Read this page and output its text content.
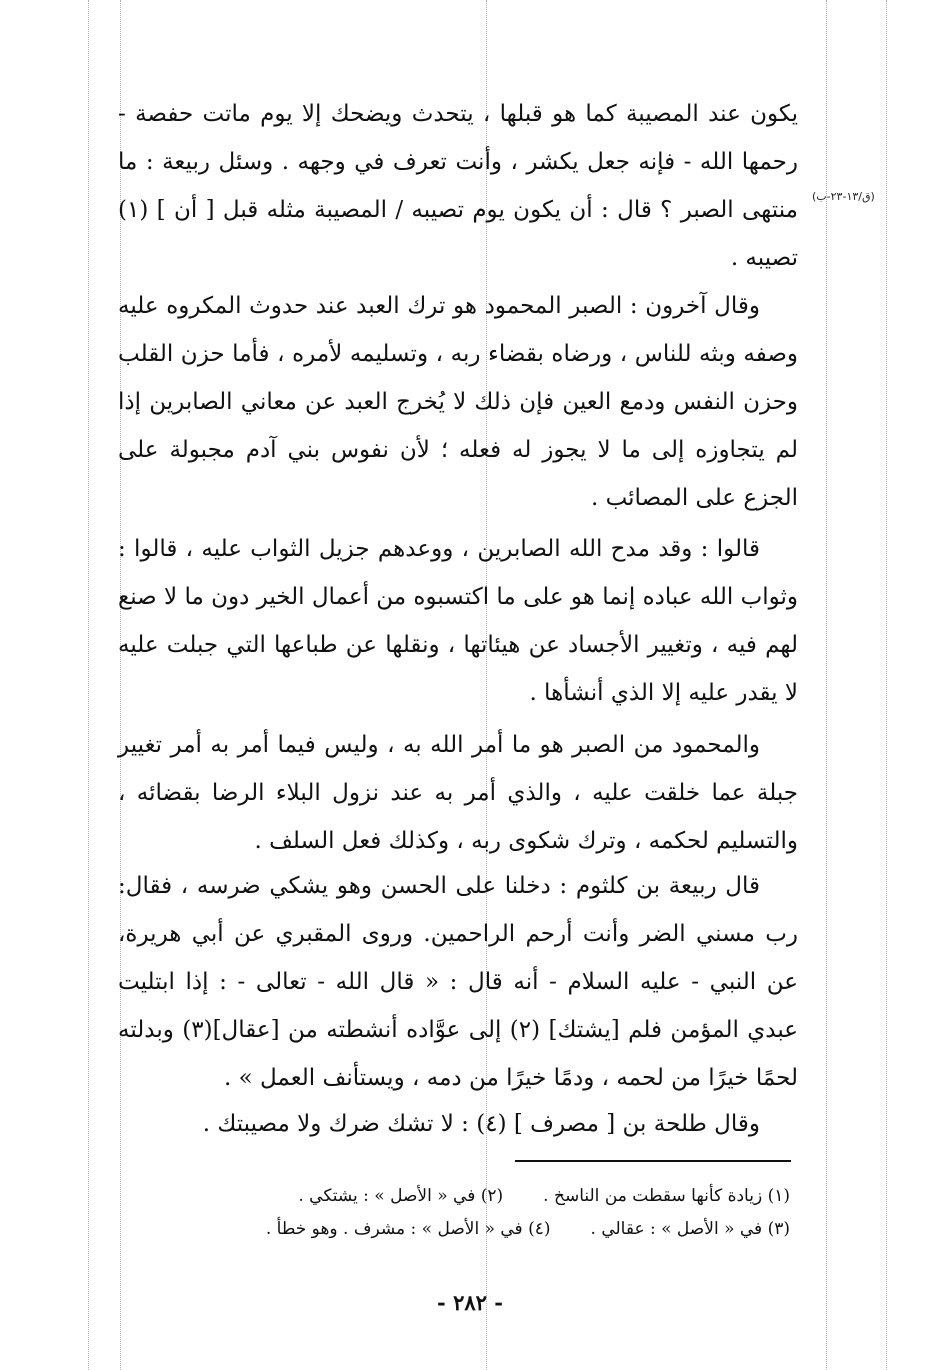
(ق/١٣-٢٣-ب)

يكون عند المصيبة كما هو قبلها ، يتحدث ويضحك إلا يوم ماتت حفصة - رحمها الله - فإنه جعل يكشر ، وأنت تعرف في وجهه . وسئل ربيعة : ما منتهى الصبر ؟ قال : أن يكون يوم تصيبه / المصيبة مثله قبل [ أن ] (١) تصيبه .

وقال آخرون : الصبر المحمود هو ترك العبد عند حدوث المكروه عليه وصفه وبثه للناس ، ورضاه بقضاء ربه ، وتسليمه لأمره ، فأما حزن القلب وحزن النفس ودمع العين فإن ذلك لا يُخرج العبد عن معاني الصابرين إذا لم يتجاوزه إلى ما لا يجوز له فعله ؛ لأن نفوس بني آدم مجبولة على الجزع على المصائب .

قالوا : وقد مدح الله الصابرين ، ووعدهم جزيل الثواب عليه ، قالوا : وثواب الله عباده إنما هو على ما اكتسبوه من أعمال الخير دون ما لا صنع لهم فيه ، وتغيير الأجساد عن هيئاتها ، ونقلها عن طباعها التي جبلت عليه لا يقدر عليه إلا الذي أنشأها .

والمحمود من الصبر هو ما أمر الله به ، وليس فيما أمر به أمر تغيير جبلة عما خلقت عليه ، والذي أمر به عند نزول البلاء الرضا بقضائه ، والتسليم لحكمه ، وترك شكوى ربه ، وكذلك فعل السلف .

قال ربيعة بن كلثوم : دخلنا على الحسن وهو يشكي ضرسه ، فقال: رب مسني الضر وأنت أرحم الراحمين. وروى المقبري عن أبي هريرة، عن النبي - عليه السلام - أنه قال : « قال الله - تعالى - : إذا ابتليت عبدي المؤمن فلم [يشتك] (٢) إلى عوَّاده أنشطته من [عقال](٣) وبدلته لحمًا خيرًا من لحمه ، ودمًا خيرًا من دمه ، ويستأنف العمل » .

وقال طلحة بن [ مصرف ] (٤) : لا تشك ضرك ولا مصيبتك .

(١) زيادة كأنها سقطت من الناسخ .
(٢) في « الأصل » : يشتكي .
(٣) في « الأصل » : عقالي .
(٤) في « الأصل » : مشرف . وهو خطأ .
- ٢٨٢ -
